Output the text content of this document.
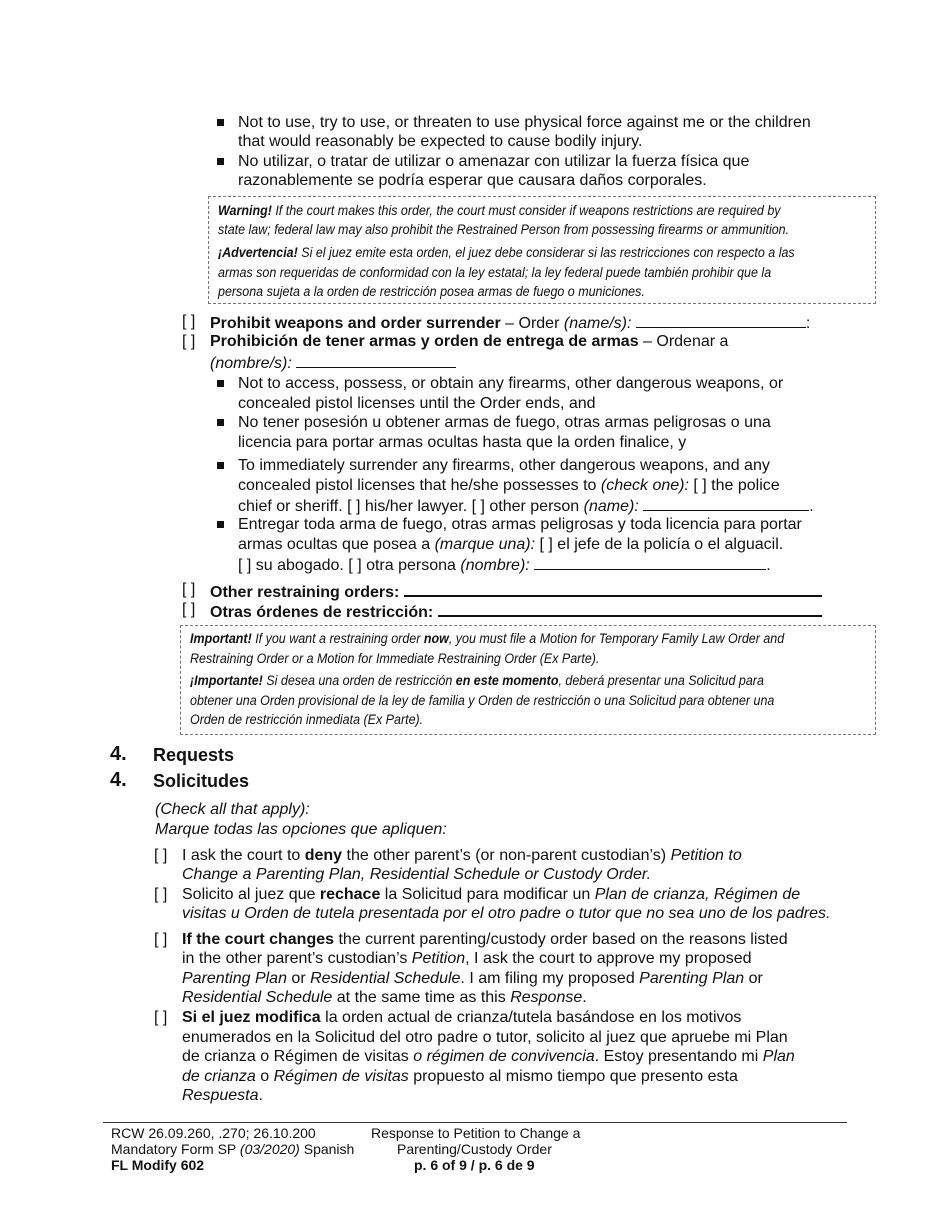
Not to use, try to use, or threaten to use physical force against me or the children
that would reasonably be expected to cause bodily injury.
No utilizar, o tratar de utilizar o amenazar con utilizar la fuerza física que
razonablemente se podría esperar que causara daños corporales.
Warning! If the court makes this order, the court must consider if weapons restrictions are required by
state law; federal law may also prohibit the Restrained Person from possessing firearms or ammunition.
¡Advertencia! Si el juez emite esta orden, el juez debe considerar si las restricciones con respecto a las
armas son requeridas de conformidad con la ley estatal; la ley federal puede también prohibir que la
persona sujeta a la orden de restricción posea armas de fuego o municiones.
[ ] Prohibit weapons and order surrender – Order (name/s):	:
[ ] Prohibición de tener armas y orden de entrega de armas – Ordenar a
(nombre/s):
Not to access, possess, or obtain any firearms, other dangerous weapons, or
concealed pistol licenses until the Order ends, and
No tener posesión u obtener armas de fuego, otras armas peligrosas o una
licencia para portar armas ocultas hasta que la orden finalice, y
To immediately surrender any firearms, other dangerous weapons, and any
concealed pistol licenses that he/she possesses to (check one): [ ] the police
chief or sheriff. [ ] his/her lawyer. [ ] other person (name):	.
Entregar toda arma de fuego, otras armas peligrosas y toda licencia para portar
armas ocultas que posea a (marque una): [ ] el jefe de la policía o el alguacil.
[ ] su abogado. [ ] otra persona (nombre):	.
[ ] Other restraining orders:
[ ] Otras órdenes de restricción:
Important! If you want a restraining order now, you must file a Motion for Temporary Family Law Order and
Restraining Order or a Motion for Immediate Restraining Order (Ex Parte).
¡Importante! Si desea una orden de restricción en este momento, deberá presentar una Solicitud para
obtener una Orden provisional de la ley de familia y Orden de restricción o una Solicitud para obtener una
Orden de restricción inmediata (Ex Parte).
4. Requests
4. Solicitudes
(Check all that apply):
Marque todas las opciones que apliquen:
[ ] I ask the court to deny the other parent’s (or non-parent custodian’s) Petition to
Change a Parenting Plan, Residential Schedule or Custody Order.
[ ] Solicito al juez que rechace la Solicitud para modificar un Plan de crianza, Régimen de
visitas u Orden de tutela presentada por el otro padre o tutor que no sea uno de los padres.
[ ] If the court changes the current parenting/custody order based on the reasons listed
in the other parent’s custodian’s Petition, I ask the court to approve my proposed
Parenting Plan or Residential Schedule. I am filing my proposed Parenting Plan or
Residential Schedule at the same time as this Response.
[ ] Si el juez modifica la orden actual de crianza/tutela basándose en los motivos
enumerados en la Solicitud del otro padre o tutor, solicito al juez que apruebe mi Plan
de crianza o Régimen de visitas o régimen de convivencia. Estoy presentando mi Plan
de crianza o Régimen de visitas propuesto al mismo tiempo que presento esta
Respuesta.
RCW 26.09.260, .270; 26.10.200
Mandatory Form SP (03/2020) Spanish
FL Modify 602
Response to Petition to Change a
Parenting/Custody Order
p. 6 of 9 / p. 6 de 9
